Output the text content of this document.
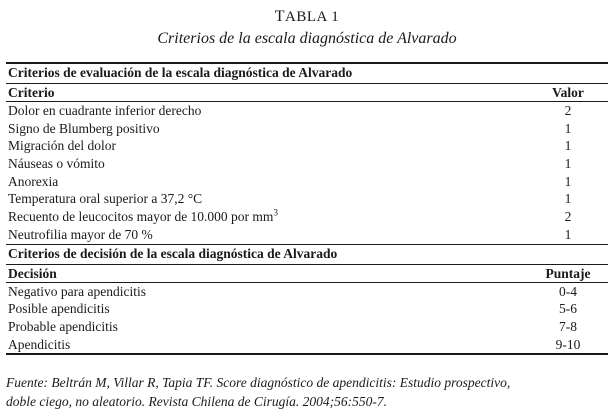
TABLA 1
Criterios de la escala diagnóstica de Alvarado
Criterios de evaluación de la escala diagnóstica de Alvarado
Criterio	Valor
Dolor en cuadrante inferior derecho	2
Signo de Blumberg positivo	1
Migración del dolor	1
Náuseas o vómito	1
Anorexia	1
Temperatura oral superior a 37,2 °C	1
Recuento de leucocitos mayor de 10.000 por $mm^3$	2
Neutrofilia mayor de 70 %	1
Criterios de decisión de la escala diagnóstica de Alvarado
Decisión	Puntaje
Negativo para apendicitis	0-4
Posible apendicitis	5-6
Probable apendicitis	7-8
Apendicitis	9-10
Fuente: Beltrán M, Villar R, Tapia TF. Score diagnóstico de apendicitis: Estudio prospectivo,
doble ciego, no aleatorio. Revista Chilena de Cirugía. 2004;56:550-7.
